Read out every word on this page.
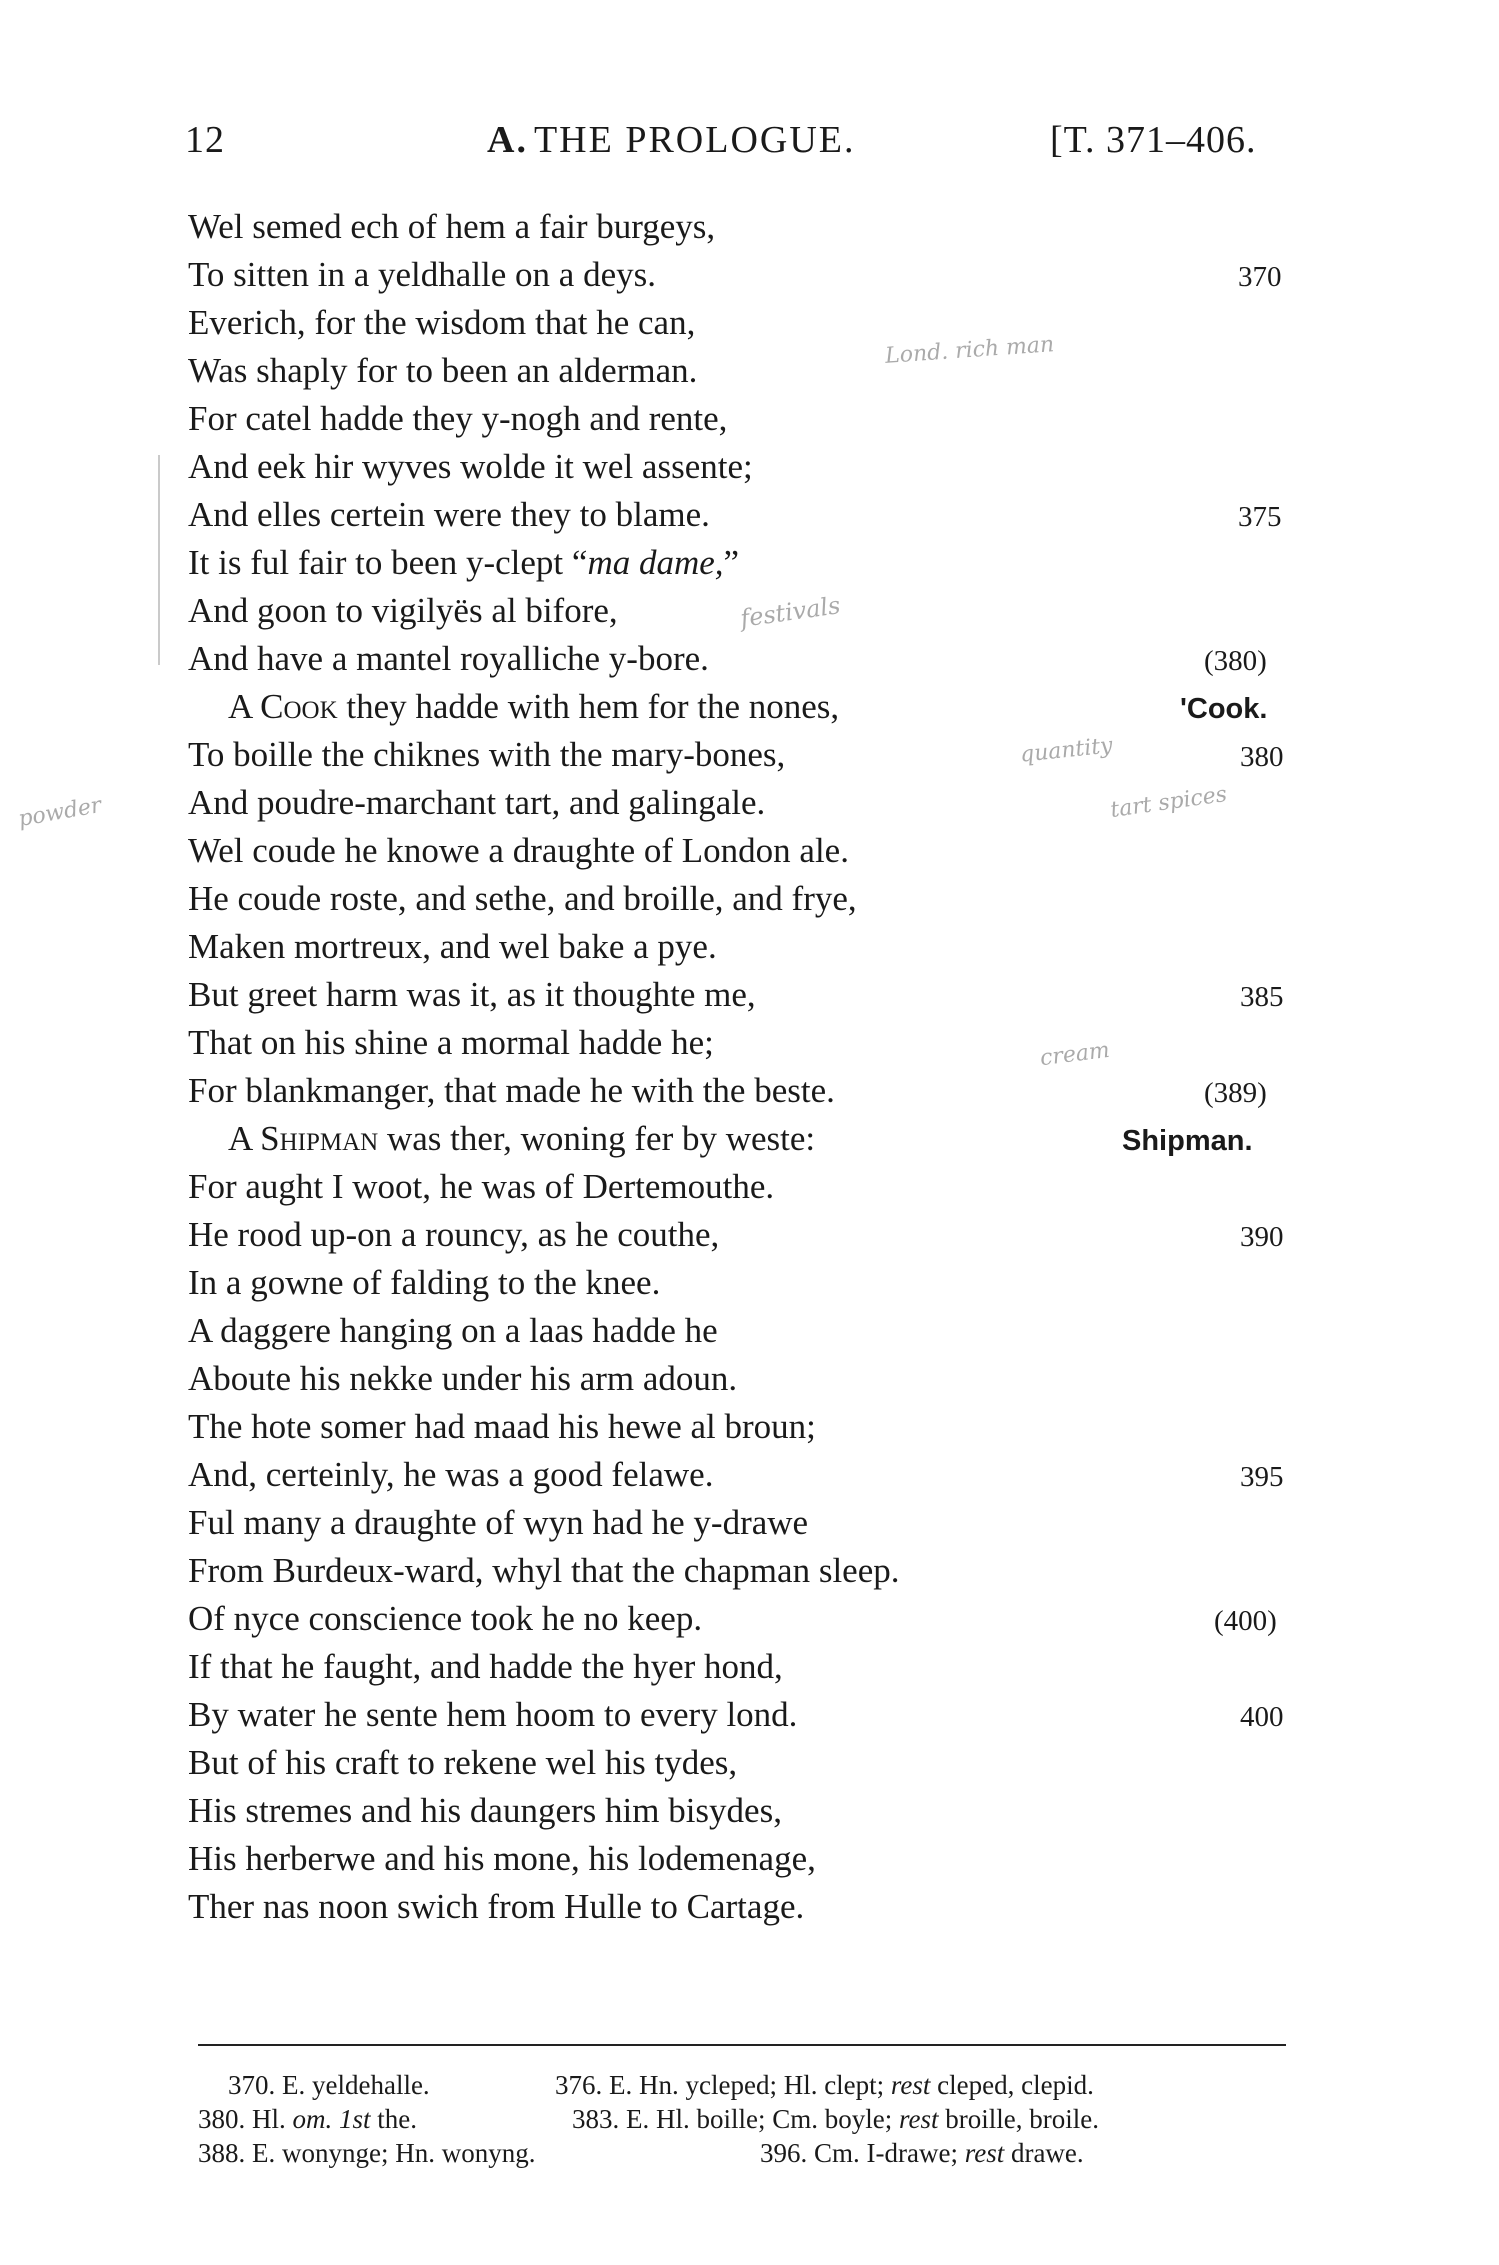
12	A. THE PROLOGUE.	[T. 371–406.
Wel semed ech of hem a fair burgeys,
To sitten in a yeldhalle on a deys.
Everich, for the wisdom that he can,
Was shaply for to been an alderman.
For catel hadde they y-nogh and rente,
And eek hir wyves wolde it wel assente;
And elles certein were they to blame.
It is ful fair to been y-clept “ma dame,”
And goon to vigilyës al bifore,
And have a mantel royalliche y-bore.
A Cook they hadde with hem for the nones,
To boille the chiknes with the mary-bones,
And poudre-marchant tart, and galingale.
Wel coude he knowe a draughte of London ale.
He coude roste, and sethe, and broille, and frye,
Maken mortreux, and wel bake a pye.
But greet harm was it, as it thoughte me,
That on his shine a mormal hadde he;
For blankmanger, that made he with the beste.
A Shipman was ther, woning fer by weste:
For aught I woot, he was of Dertemouthe.
He rood up-on a rouncy, as he couthe,
In a gowne of falding to the knee.
A daggere hanging on a laas hadde he
Aboute his nekke under his arm adoun.
The hote somer had maad his hewe al broun;
And, certeinly, he was a good felawe.
Ful many a draughte of wyn had he y-drawe
From Burdeux-ward, whyl that the chapman sleep.
Of nyce conscience took he no keep.
If that he faught, and hadde the hyer hond,
By water he sente hem hoom to every lond.
But of his craft to rekene wel his tydes,
His stremes and his daungers him bisydes,
His herberwe and his mone, his lodemenage,
Ther nas noon swich from Hulle to Cartage.
370
375
(380)
380
385
(389)
390
395
(400)
400
'Cook.
Shipman.
Lond. rich man
festivals
quantity
tart spices
powder
cream
370. E. yeldehalle.	376. E. Hn. ycleped; Hl. clept; rest cleped, clepid.
380. Hl. om. 1st the.	383. E. Hl. boille; Cm. boyle; rest broille, broile.
388. E. wonynge; Hn. wonyng.	396. Cm. I-drawe; rest drawe.
